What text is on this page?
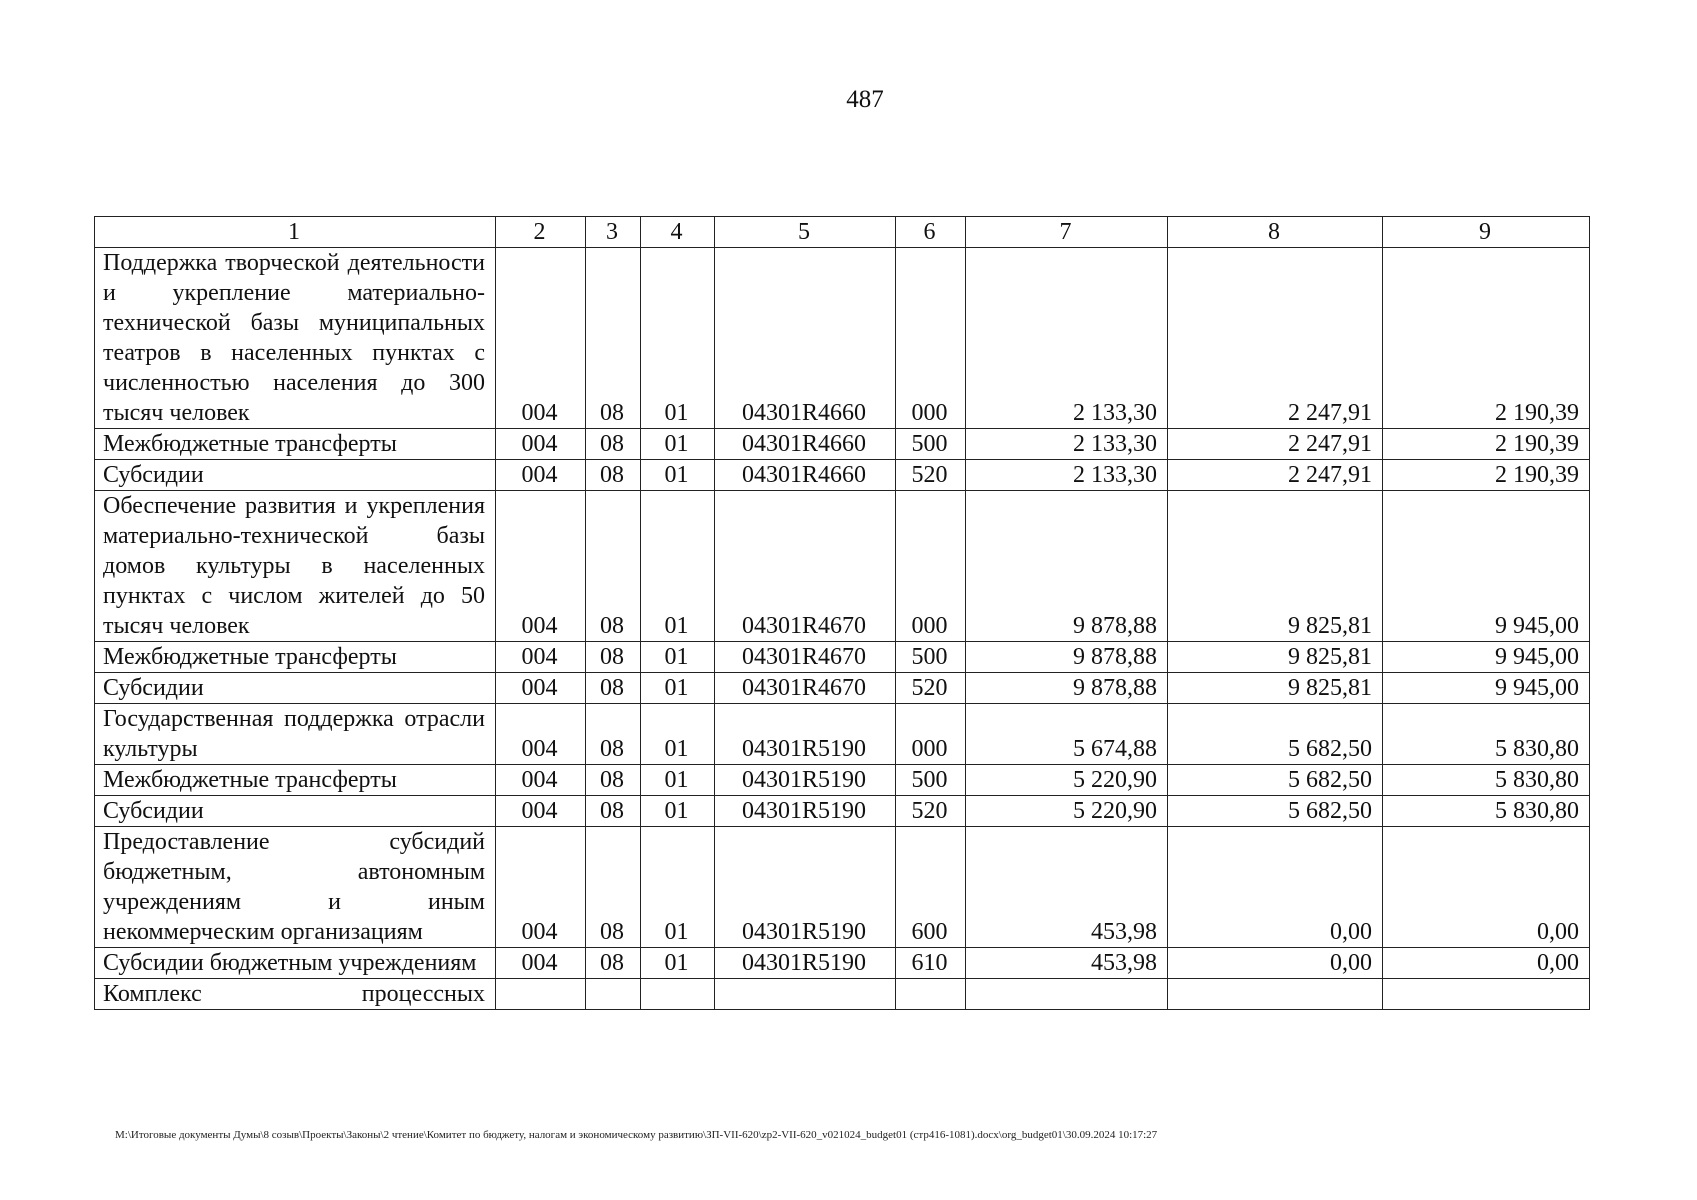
487
1	2	3	4	5	6	7	8	9
Поддержка творческой деятельности и укрепление материально-технической базы муниципальных театров в населенных пунктах с численностью населения до 300 тысяч человек	004	08	01	04301R4660	000	2 133,30	2 247,91	2 190,39
Межбюджетные трансферты	004	08	01	04301R4660	500	2 133,30	2 247,91	2 190,39
Субсидии	004	08	01	04301R4660	520	2 133,30	2 247,91	2 190,39
Обеспечение развития и укрепления материально-технической базы домов культуры в населенных пунктах с числом жителей до 50 тысяч человек	004	08	01	04301R4670	000	9 878,88	9 825,81	9 945,00
Межбюджетные трансферты	004	08	01	04301R4670	500	9 878,88	9 825,81	9 945,00
Субсидии	004	08	01	04301R4670	520	9 878,88	9 825,81	9 945,00
Государственная поддержка отрасли культуры	004	08	01	04301R5190	000	5 674,88	5 682,50	5 830,80
Межбюджетные трансферты	004	08	01	04301R5190	500	5 220,90	5 682,50	5 830,80
Субсидии	004	08	01	04301R5190	520	5 220,90	5 682,50	5 830,80
Предоставление субсидий бюджетным, автономным учреждениям и иным некоммерческим организациям	004	08	01	04301R5190	600	453,98	0,00	0,00
Субсидии бюджетным учреждениям	004	08	01	04301R5190	610	453,98	0,00	0,00
Комплекс процессных								
M:\Итоговые документы Думы\8 созыв\Проекты\Законы\2 чтение\Комитет по бюджету, налогам и экономическому развитию\ЗП-VII-620\zp2-VII-620_v021024_budget01 (стр416-1081).docx\org_budget01\30.09.2024 10:17:27
